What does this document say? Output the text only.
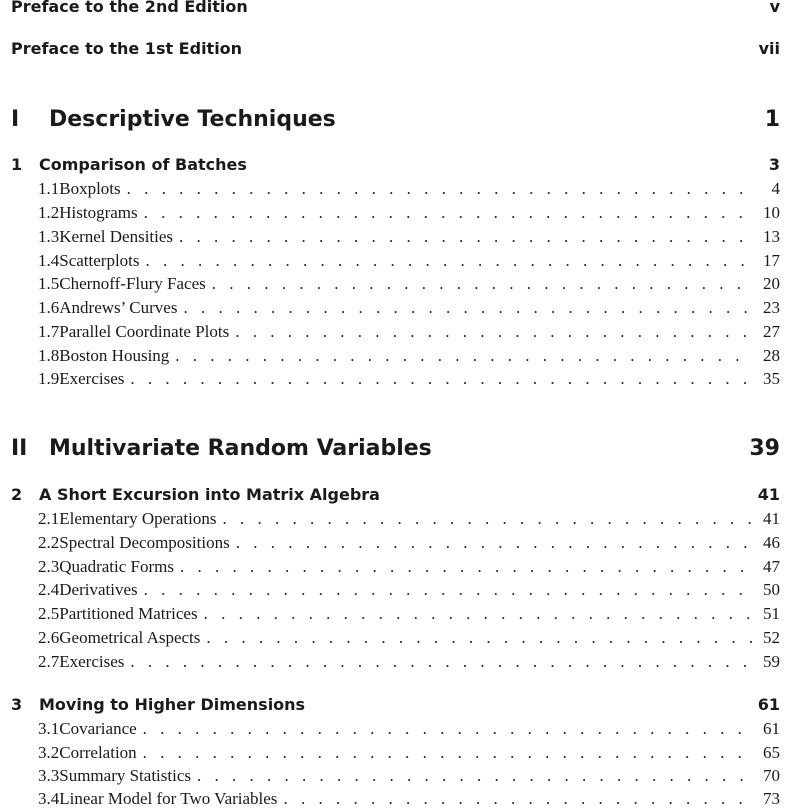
Preface to the 2nd Edition	v
Preface to the 1st Edition	vii
I	Descriptive Techniques	1
1	Comparison of Batches	3
1.1 Boxplots . . .	4
1.2 Histograms . . .	10
1.3 Kernel Densities . . .	13
1.4 Scatterplots . . .	17
1.5 Chernoff-Flury Faces . . .	20
1.6 Andrews’ Curves . . .	23
1.7 Parallel Coordinate Plots . . .	27
1.8 Boston Housing . . .	28
1.9 Exercises . . .	35
II Multivariate Random Variables	39
2	A Short Excursion into Matrix Algebra	41
2.1 Elementary Operations . . .	41
2.2 Spectral Decompositions . . .	46
2.3 Quadratic Forms . . .	47
2.4 Derivatives . . .	50
2.5 Partitioned Matrices . . .	51
2.6 Geometrical Aspects . . .	52
2.7 Exercises . . .	59
3	Moving to Higher Dimensions	61
3.1 Covariance . . .	61
3.2 Correlation . . .	65
3.3 Summary Statistics . . .	70
3.4 Linear Model for Two Variables . . .	73
